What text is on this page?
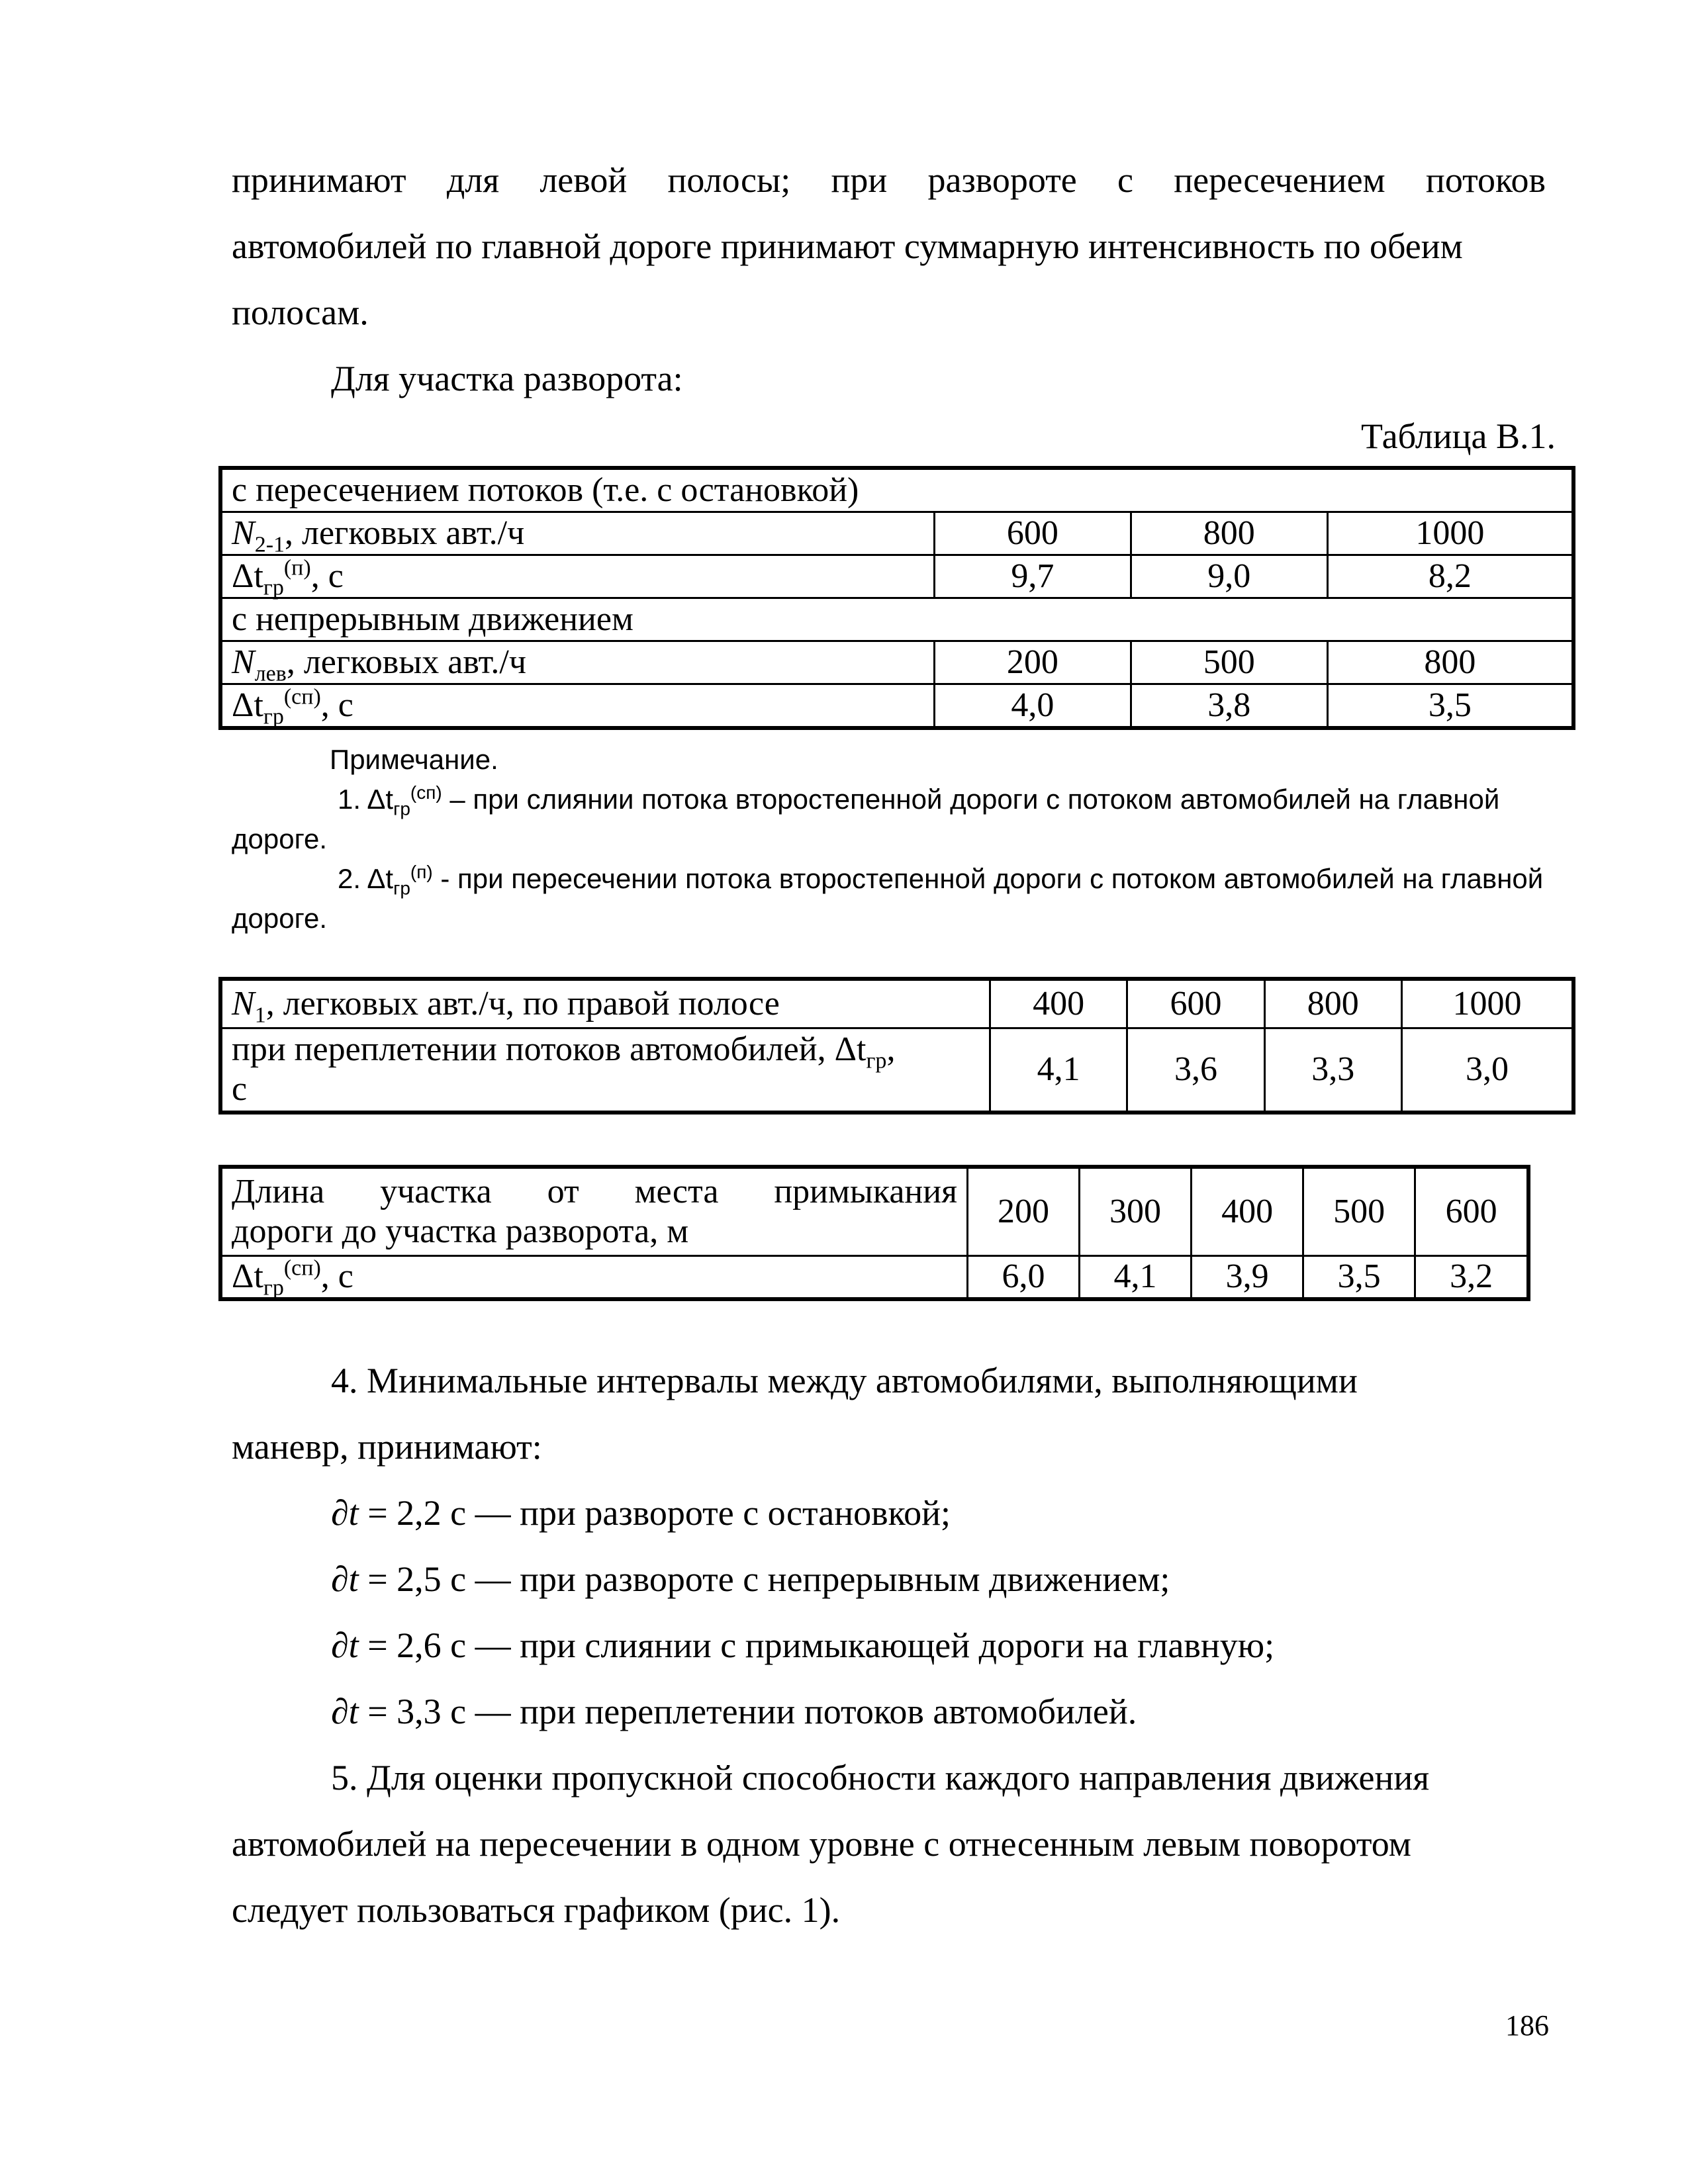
принимают для левой полосы; при развороте с пересечением потоков
автомобилей по главной дороге принимают суммарную интенсивность по обеим
полосам.
Для участка разворота:

Таблица В.1.
с пересечением потоков (т.е. с остановкой)			
$N_{2-1}$, легковых авт./ч	600	800	1000
$\Delta t_{гр}^{(п)}$, с	9,7	9,0	8,2
с непрерывным движением			
$N_{лев}$, легковых авт./ч	200	500	800
$\Delta t_{гр}^{(сп)}$, с	4,0	3,8	3,5
Примечание.
1. $\Delta t_{гр}^{(сп)}$ – при слиянии потока второстепенной дороги с потоком автомобилей на главной дороге.
2. $\Delta t_{гр}^{(п)}$ - при пересечении потока второстепенной дороги с потоком автомобилей на главной дороге.
$N_1$, легковых авт./ч, по правой полосе	400	600	800	1000
при переплетении потоков автомобилей, $\Delta t_{гр}$,
с	4,1	3,6	3,3	3,0
Длина участка от места примыкания
дороги до участка разворота, м	200	300	400	500	600
$\Delta t_{гр}^{(сп)}$, с	6,0	4,1	3,9	3,5	3,2
4. Минимальные интервалы между автомобилями, выполняющими
маневр, принимают:
∂t = 2,2 с — при развороте с остановкой;
∂t = 2,5 с — при развороте с непрерывным движением;
∂t = 2,6 с — при слиянии с примыкающей дороги на главную;
∂t = 3,3 с — при переплетении потоков автомобилей.
5. Для оценки пропускной способности каждого направления движения
автомобилей на пересечении в одном уровне с отнесенным левым поворотом
следует пользоваться графиком (рис. 1).
186
